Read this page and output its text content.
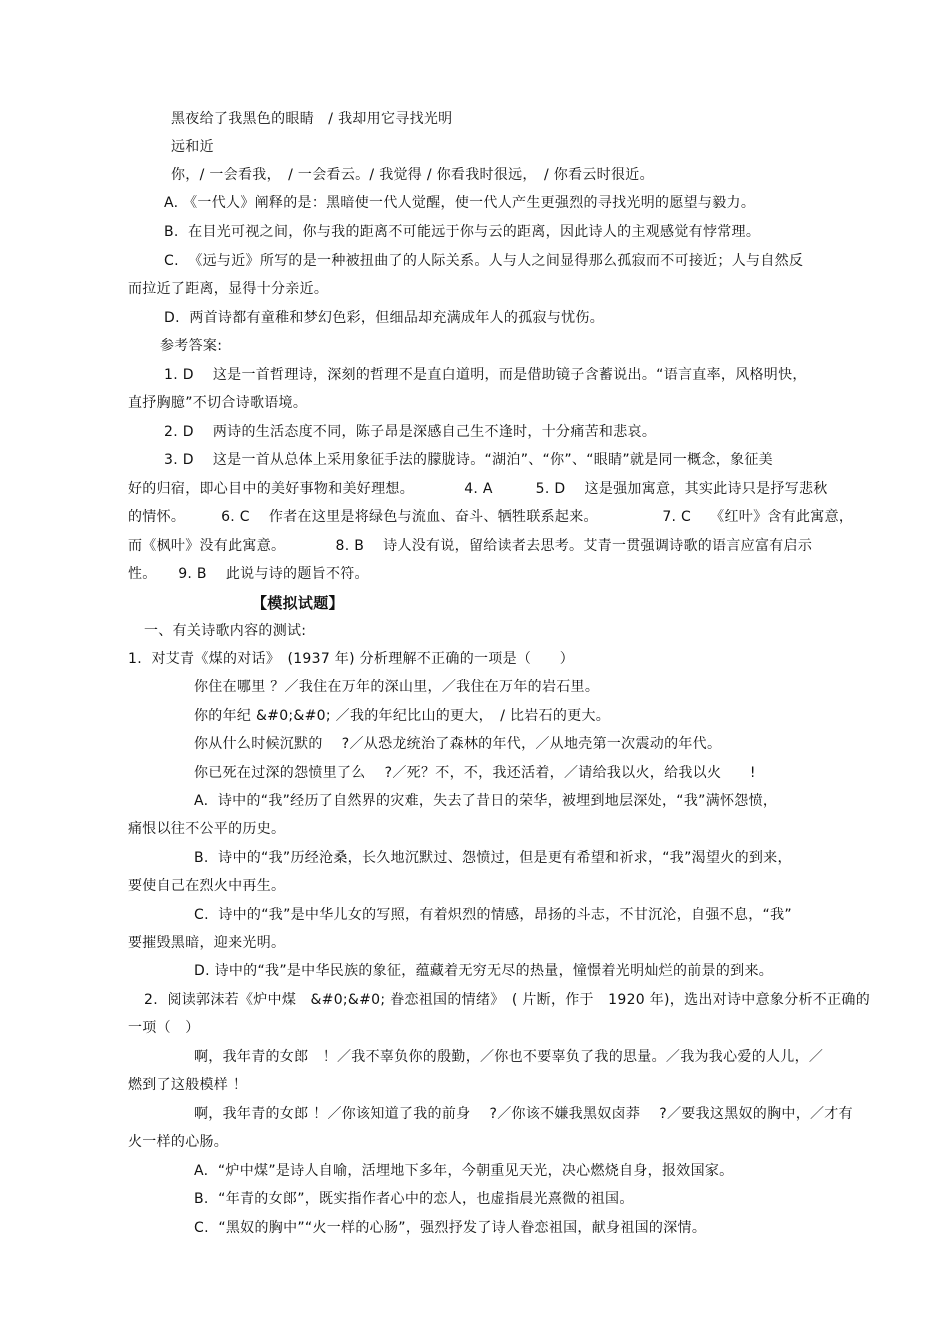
黑夜给了我黑色的眼睛　/ 我却用它寻找光明

远和近

你，/ 一会看我，　/ 一会看云。/ 我觉得 / 你看我时很远，　/ 你看云时很近。

A. 《一代人》阐释的是：黑暗使一代人觉醒，使一代人产生更强烈的寻找光明的愿望与毅力。

B.  在目光可视之间，你与我的距离不可能远于你与云的距离，因此诗人的主观感觉有悖常理。

C.  《远与近》所写的是一种被扭曲了的人际关系。人与人之间显得那么孤寂而不可接近；人与自然反

而拉近了距离，显得十分亲近。

D.  两首诗都有童稚和梦幻色彩，但细品却充满成年人的孤寂与忧伤。

参考答案:

1. D　 这是一首哲理诗，深刻的哲理不是直白道明，而是借助镜子含蓄说出。“语言直率，风格明快，

直抒胸臆”不切合诗歌语境。

2. D　 两诗的生活态度不同，陈子昂是深感自己生不逢时，十分痛苦和悲哀。

3. D　 这是一首从总体上采用象征手法的朦胧诗。“湖泊”、“你”、“眼睛”就是同一概念，象征美

好的归宿，即心目中的美好事物和美好理想。　　　　4. A　　　5. D　 这是强加寓意，其实此诗只是抒写悲秋

的情怀。　　　6. C　 作者在这里是将绿色与流血、奋斗、牺牲联系起来。　　　　　7. C　 《红叶》含有此寓意，

而《枫叶》没有此寓意。　　　　8. B　 诗人没有说，留给读者去思考。艾青一贯强调诗歌的语言应富有启示

性。　　9. B　 此说与诗的题旨不符。

【模拟试题】

一、有关诗歌内容的测试:

1.  对艾青《煤的对话》　(1937 年) 分析理解不正确的一项是（　　）

你住在哪里 ？／我住在万年的深山里，／我住在万年的岩石里。

你的年纪 &#0;&#0; ／我的年纪比山的更大，　/ 比岩石的更大。

你从什么时候沉默的 　?／从恐龙统治了森林的年代，／从地壳第一次震动的年代。

你已死在过深的怨愤里了么　 ?／死？不，不，我还活着，／请给我以火，给我以火　　!

A.  诗中的“我”经历了自然界的灾难，失去了昔日的荣华，被埋到地层深处，“我”满怀怨愤，

痛恨以往不公平的历史。

B.  诗中的“我”历经沧桑，长久地沉默过、怨愤过，但是更有希望和祈求，“我”渴望火的到来，

要使自己在烈火中再生。

C.  诗中的“我”是中华儿女的写照，有着炽烈的情感，昂扬的斗志，不甘沉沦，自强不息，“我”

要摧毁黑暗，迎来光明。

D. 诗中的“我”是中华民族的象征，蕴藏着无穷无尽的热量，憧憬着光明灿烂的前景的到来。

2.  阅读郭沫若《炉中煤　&#0;&#0; 眷恋祖国的情绪》　( 片断，作于　1920 年)，选出对诗中意象分析不正确的

一项（　）

啊，我年青的女郎　！／我不辜负你的殷勤，／你也不要辜负了我的思量。／我为我心爱的人儿，／

燃到了这般模样 ！

啊，我年青的女郎 ！／你该知道了我的前身　 ?／你该不嫌我黑奴卤莽　 ?／要我这黑奴的胸中，／才有

火一样的心肠。

A.  “炉中煤”是诗人自喻，活埋地下多年，今朝重见天光，决心燃烧自身，报效国家。

B.  “年青的女郎”，既实指作者心中的恋人，也虚指晨光熹微的祖国。

C.  “黑奴的胸中”“火一样的心肠”，强烈抒发了诗人眷恋祖国，献身祖国的深情。
